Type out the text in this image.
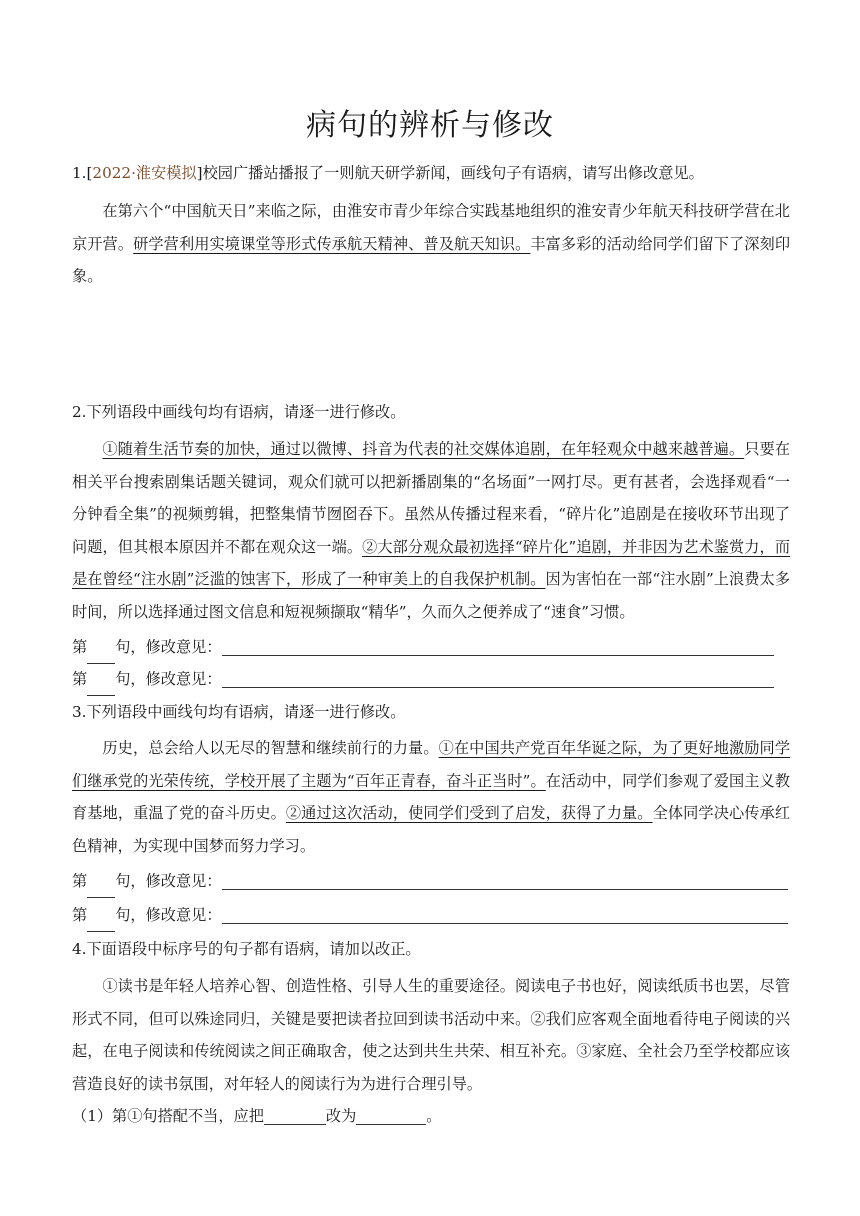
病句的辨析与修改
1.[2022·淮安模拟]校园广播站播报了一则航天研学新闻，画线句子有语病，请写出修改意见。
在第六个“中国航天日”来临之际，由淮安市青少年综合实践基地组织的淮安青少年航天科技研学营在北京开营。研学营利用实境课堂等形式传承航天精神、普及航天知识。丰富多彩的活动给同学们留下了深刻印象。
2.下列语段中画线句均有语病，请逐一进行修改。
①随着生活节奏的加快，通过以微博、抖音为代表的社交媒体追剧，在年轻观众中越来越普遍。只要在相关平台搜索剧集话题关键词，观众们就可以把新播剧集的“名场面”一网打尽。更有甚者，会选择观看“一分钟看全集”的视频剪辑，把整集情节囫囵吞下。虽然从传播过程来看，“碎片化”追剧是在接收环节出现了问题，但其根本原因并不都在观众这一端。②大部分观众最初选择“碎片化”追剧，并非因为艺术鉴赏力，而是在曾经“注水剧”泛滥的蚀害下，形成了一种审美上的自我保护机制。因为害怕在一部“注水剧”上浪费太多时间，所以选择通过图文信息和短视频撷取“精华”，久而久之便养成了“速食”习惯。
第 句，修改意见：
第 句，修改意见：
3.下列语段中画线句均有语病，请逐一进行修改。
历史，总会给人以无尽的智慧和继续前行的力量。①在中国共产党百年华诞之际，为了更好地激励同学们继承党的光荣传统，学校开展了主题为“百年正青春，奋斗正当时”。在活动中，同学们参观了爱国主义教育基地，重温了党的奋斗历史。②通过这次活动，使同学们受到了启发，获得了力量。全体同学决心传承红色精神，为实现中国梦而努力学习。
第 句，修改意见：
第 句，修改意见：
4.下面语段中标序号的句子都有语病，请加以改正。
①读书是年轻人培养心智、创造性格、引导人生的重要途径。阅读电子书也好，阅读纸质书也罢，尽管形式不同，但可以殊途同归，关键是要把读者拉回到读书活动中来。②我们应客观全面地看待电子阅读的兴起，在电子阅读和传统阅读之间正确取舍，使之达到共生共荣、相互补充。③家庭、全社会乃至学校都应该营造良好的读书氛围，对年轻人的阅读行为为进行合理引导。
（1）第①句搭配不当，应把	改为	。
